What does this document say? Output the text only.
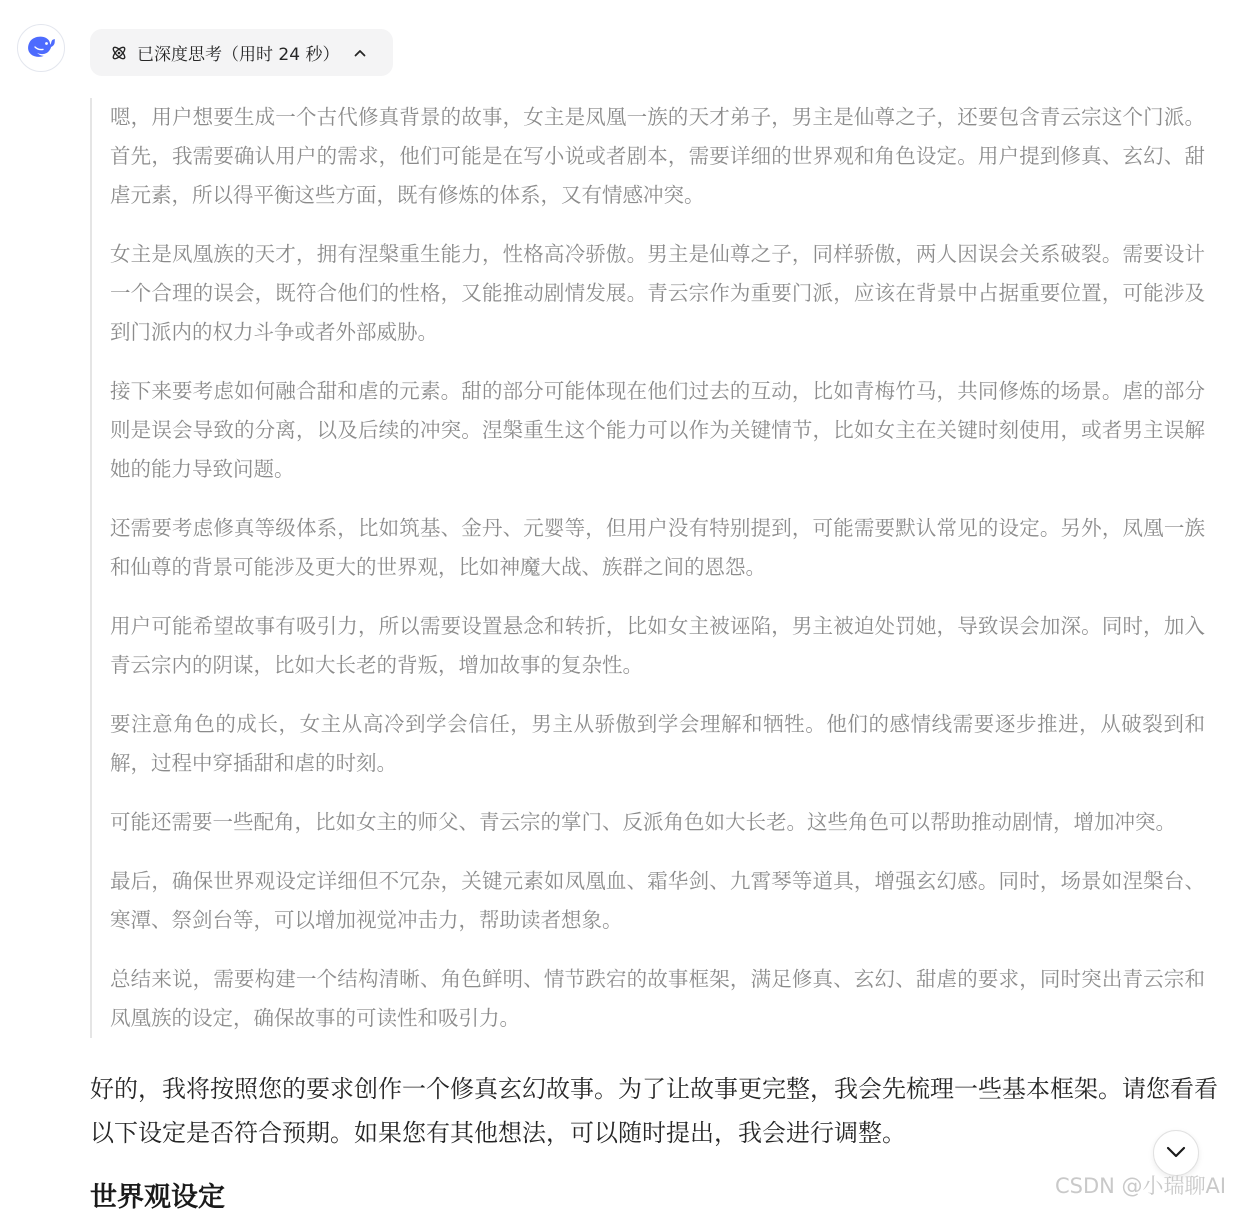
已深度思考（用时 24 秒）

嗯，用户想要生成一个古代修真背景的故事，女主是凤凰一族的天才弟子，男主是仙尊之子，还要包含青云宗这个门派。首先，我需要确认用户的需求，他们可能是在写小说或者剧本，需要详细的世界观和角色设定。用户提到修真、玄幻、甜虐元素，所以得平衡这些方面，既有修炼的体系，又有情感冲突。

女主是凤凰族的天才，拥有涅槃重生能力，性格高冷骄傲。男主是仙尊之子，同样骄傲，两人因误会关系破裂。需要设计一个合理的误会，既符合他们的性格，又能推动剧情发展。青云宗作为重要门派，应该在背景中占据重要位置，可能涉及到门派内的权力斗争或者外部威胁。

接下来要考虑如何融合甜和虐的元素。甜的部分可能体现在他们过去的互动，比如青梅竹马，共同修炼的场景。虐的部分则是误会导致的分离，以及后续的冲突。涅槃重生这个能力可以作为关键情节，比如女主在关键时刻使用，或者男主误解她的能力导致问题。

还需要考虑修真等级体系，比如筑基、金丹、元婴等，但用户没有特别提到，可能需要默认常见的设定。另外，凤凰一族和仙尊的背景可能涉及更大的世界观，比如神魔大战、族群之间的恩怨。

用户可能希望故事有吸引力，所以需要设置悬念和转折，比如女主被诬陷，男主被迫处罚她，导致误会加深。同时，加入青云宗内的阴谋，比如大长老的背叛，增加故事的复杂性。

要注意角色的成长，女主从高冷到学会信任，男主从骄傲到学会理解和牺牲。他们的感情线需要逐步推进，从破裂到和解，过程中穿插甜和虐的时刻。

可能还需要一些配角，比如女主的师父、青云宗的掌门、反派角色如大长老。这些角色可以帮助推动剧情，增加冲突。

最后，确保世界观设定详细但不冗杂，关键元素如凤凰血、霜华剑、九霄琴等道具，增强玄幻感。同时，场景如涅槃台、寒潭、祭剑台等，可以增加视觉冲击力，帮助读者想象。

总结来说，需要构建一个结构清晰、角色鲜明、情节跌宕的故事框架，满足修真、玄幻、甜虐的要求，同时突出青云宗和凤凰族的设定，确保故事的可读性和吸引力。

好的，我将按照您的要求创作一个修真玄幻故事。为了让故事更完整，我会先梳理一些基本框架。请您看看以下设定是否符合预期。如果您有其他想法，可以随时提出，我会进行调整。

世界观设定	CSDN @小瑞聊AI
